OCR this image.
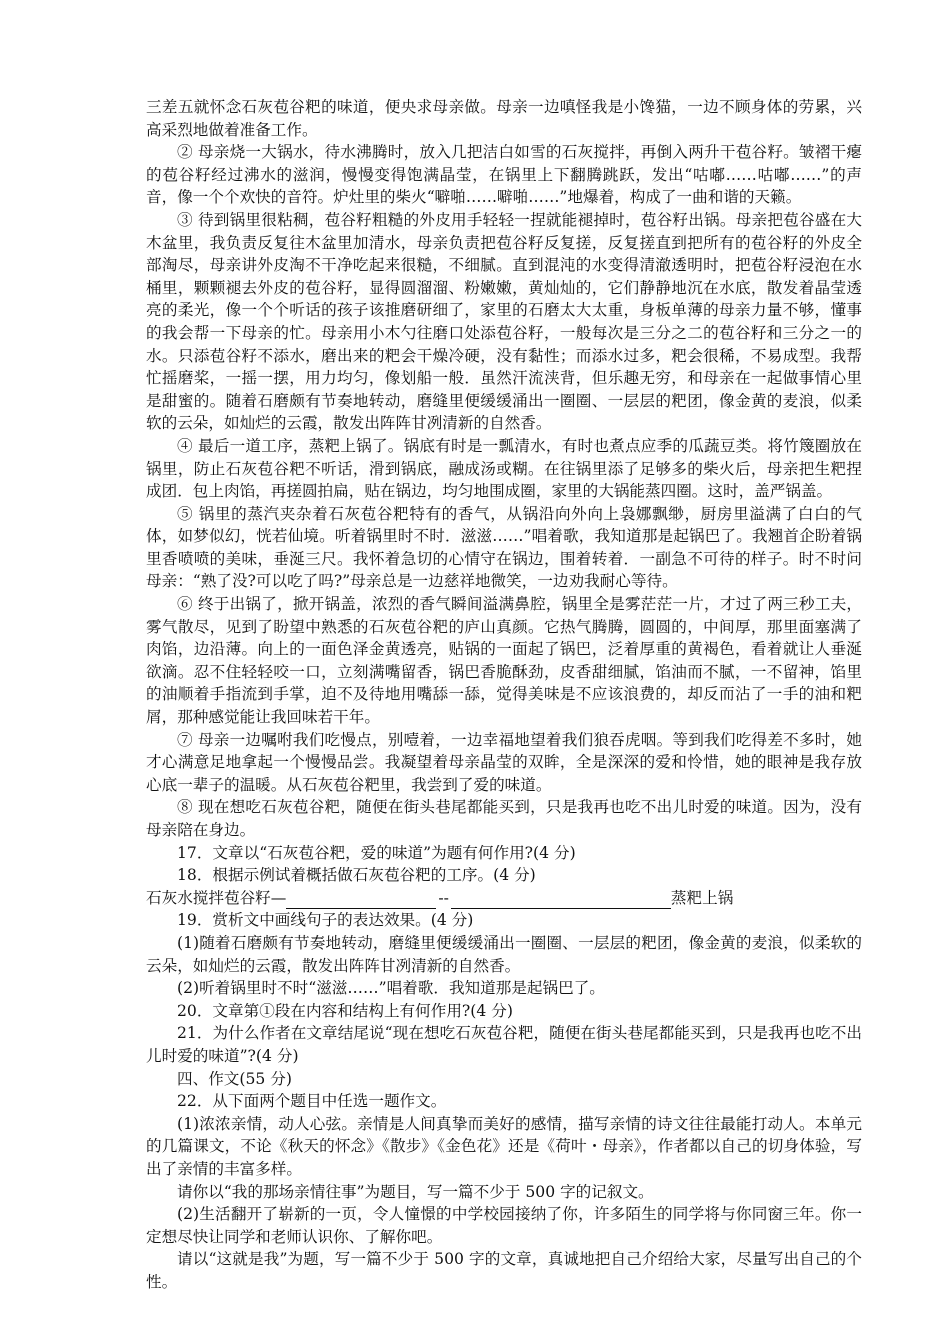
三差五就怀念石灰苞谷粑的味道，便央求母亲做。母亲一边嗔怪我是小馋猫，一边不顾身体的劳累，兴高采烈地做着准备工作。

② 母亲烧一大锅水，待水沸腾时，放入几把洁白如雪的石灰搅拌，再倒入两升干苞谷籽。皱褶干瘪的苞谷籽经过沸水的滋润，慢慢变得饱满晶莹，在锅里上下翻腾跳跃，发出“咕嘟……咕嘟……”的声音，像一个个欢快的音符。炉灶里的柴火“噼啪……噼啪……”地爆着，构成了一曲和谐的天籁。

③ 待到锅里很粘稠，苞谷籽粗糙的外皮用手轻轻一捏就能褪掉时，苞谷籽出锅。母亲把苞谷盛在大木盆里，我负责反复往木盆里加清水，母亲负责把苞谷籽反复搓，反复搓直到把所有的苞谷籽的外皮全部淘尽，母亲讲外皮淘不干净吃起来很糙，不细腻。直到混沌的水变得清澈透明时，把苞谷籽浸泡在水桶里，颗颗褪去外皮的苞谷籽，显得圆溜溜、粉嫩嫩，黄灿灿的，它们静静地沉在水底，散发着晶莹透亮的柔光，像一个个听话的孩子该推磨研细了，家里的石磨太大太重，身板单薄的母亲力量不够，懂事的我会帮一下母亲的忙。母亲用小木勺往磨口处添苞谷籽，一般每次是三分之二的苞谷籽和三分之一的水。只添苞谷籽不添水，磨出来的粑会干燥冷硬，没有黏性；而添水过多，粑会很稀，不易成型。我帮忙摇磨桨，一摇一摆，用力均匀，像划船一般．虽然汗流浃背，但乐趣无穷，和母亲在一起做事情心里是甜蜜的。随着石磨颇有节奏地转动，磨缝里便缓缓涌出一圈圈、一层层的粑团，像金黄的麦浪，似柔软的云朵，如灿烂的云霞，散发出阵阵甘冽清新的自然香。

④ 最后一道工序，蒸粑上锅了。锅底有时是一瓢清水，有时也煮点应季的瓜蔬豆类。将竹篾圈放在锅里，防止石灰苞谷粑不听话，滑到锅底，融成汤或糊。在往锅里添了足够多的柴火后，母亲把生粑捏成团．包上肉馅，再搓圆拍扁，贴在锅边，均匀地围成圈，家里的大锅能蒸四圈。这时，盖严锅盖。

⑤ 锅里的蒸汽夹杂着石灰苞谷粑特有的香气，从锅沿向外向上袅娜飘缈，厨房里溢满了白白的气体，如梦似幻，恍若仙境。听着锅里时不时．滋滋……”唱着歌，我知道那是起锅巴了。我翘首企盼着锅里香喷喷的美味，垂涎三尺。我怀着急切的心情守在锅边，围着转着．一副急不可待的样子。时不时问母亲：“熟了没?可以吃了吗?”母亲总是一边慈祥地微笑，一边劝我耐心等待。

⑥ 终于出锅了，掀开锅盖，浓烈的香气瞬间溢满鼻腔，锅里全是雾茫茫一片，才过了两三秒工夫，雾气散尽，见到了盼望中熟悉的石灰苞谷粑的庐山真颜。它热气腾腾，圆圆的，中间厚，那里面塞满了肉馅，边沿薄。向上的一面色泽金黄透亮，贴锅的一面起了锅巴，泛着厚重的黄褐色，看着就让人垂涎欲滴。忍不住轻轻咬一口，立刻满嘴留香，锅巴香脆酥劲，皮香甜细腻，馅油而不腻，一不留神，馅里的油顺着手指流到手掌，迫不及待地用嘴舔一舔，觉得美味是不应该浪费的，却反而沾了一手的油和粑屑，那种感觉能让我回味若干年。

⑦ 母亲一边嘱咐我们吃慢点，别噎着，一边幸福地望着我们狼吞虎咽。等到我们吃得差不多时，她才心满意足地拿起一个慢慢品尝。我凝望着母亲晶莹的双眸，全是深深的爱和怜惜，她的眼神是我存放心底一辈子的温暖。从石灰苞谷粑里，我尝到了爱的味道。

⑧ 现在想吃石灰苞谷粑，随便在街头巷尾都能买到，只是我再也吃不出儿时爱的味道。因为，没有母亲陪在身边。

17．文章以“石灰苞谷粑，爱的味道”为题有何作用?(4 分)

18．根据示例试着概括做石灰苞谷粑的工序。(4 分)

石灰水搅拌苞谷籽—	--	蒸粑上锅

19．赏析文中画线句子的表达效果。(4 分)

(1)随着石磨颇有节奏地转动，磨缝里便缓缓涌出一圈圈、一层层的粑团，像金黄的麦浪，似柔软的云朵，如灿烂的云霞，散发出阵阵甘冽清新的自然香。

(2)听着锅里时不时“滋滋……”唱着歌．我知道那是起锅巴了。

20．文章第①段在内容和结构上有何作用?(4 分)

21．为什么作者在文章结尾说“现在想吃石灰苞谷粑，随便在街头巷尾都能买到，只是我再也吃不出儿时爱的味道”?(4 分)

四、作文(55 分)

22．从下面两个题目中任选一题作文。

(1)浓浓亲情，动人心弦。亲情是人间真挚而美好的感情，描写亲情的诗文往往最能打动人。本单元的几篇课文，不论《秋天的怀念》《散步》《金色花》还是《荷叶・母亲》，作者都以自己的切身体验，写出了亲情的丰富多样。

请你以“我的那场亲情往事”为题目，写一篇不少于 500 字的记叙文。

(2)生活翻开了崭新的一页，令人憧憬的中学校园接纳了你，许多陌生的同学将与你同窗三年。你一定想尽快让同学和老师认识你、了解你吧。

请以“这就是我”为题，写一篇不少于 500 字的文章，真诚地把自己介绍给大家，尽量写出自己的个性。
